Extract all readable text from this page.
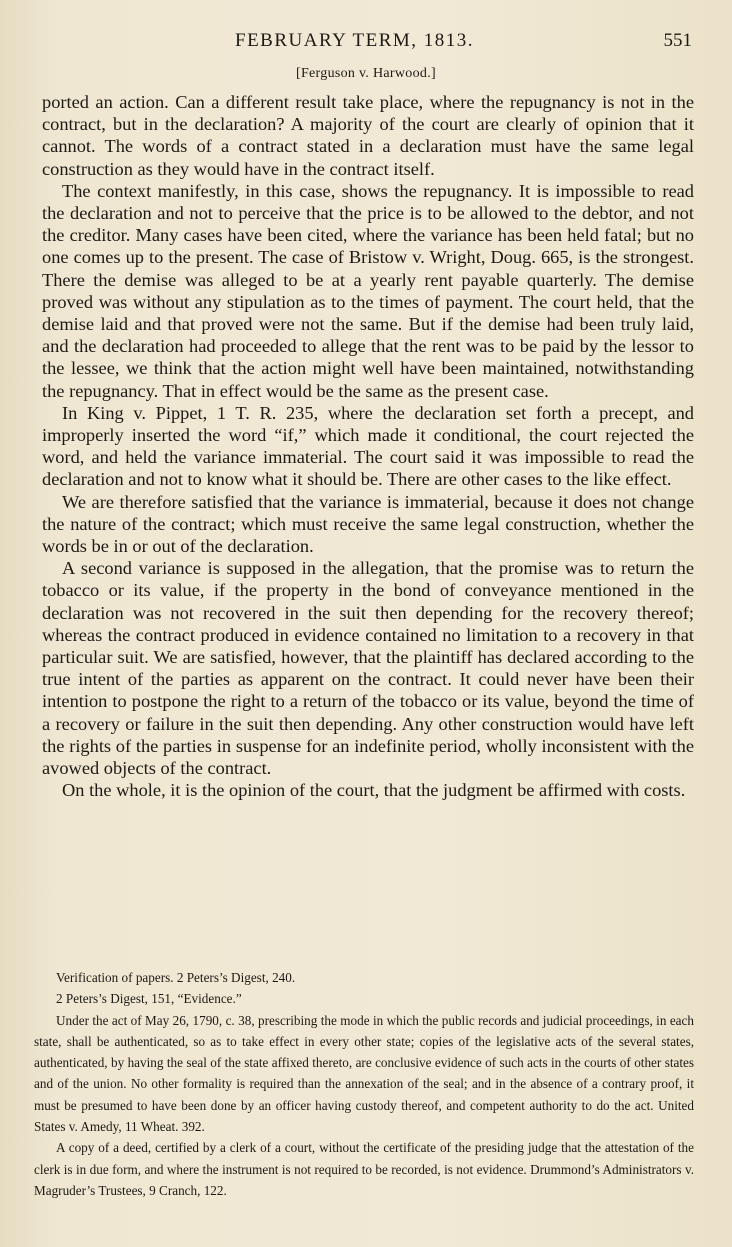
FEBRUARY TERM, 1813.	551
[Ferguson v. Harwood.]

ported an action. Can a different result take place, where the repugnancy is not in the contract, but in the declaration? A majority of the court are clearly of opinion that it cannot. The words of a contract stated in a declaration must have the same legal construction as they would have in the contract itself.

The context manifestly, in this case, shows the repugnancy. It is impossible to read the declaration and not to perceive that the price is to be allowed to the debtor, and not the creditor. Many cases have been cited, where the variance has been held fatal; but no one comes up to the present. The case of Bristow v. Wright, Doug. 665, is the strongest. There the demise was alleged to be at a yearly rent payable quarterly. The demise proved was without any stipulation as to the times of payment. The court held, that the demise laid and that proved were not the same. But if the demise had been truly laid, and the declaration had proceeded to allege that the rent was to be paid by the lessor to the lessee, we think that the action might well have been maintained, notwithstanding the repugnancy. That in effect would be the same as the present case.

In King v. Pippet, 1 T. R. 235, where the declaration set forth a precept, and improperly inserted the word “if,” which made it conditional, the court rejected the word, and held the variance immaterial. The court said it was impossible to read the declaration and not to know what it should be. There are other cases to the like effect.

We are therefore satisfied that the variance is immaterial, because it does not change the nature of the contract; which must receive the same legal construction, whether the words be in or out of the declaration.

A second variance is supposed in the allegation, that the promise was to return the tobacco or its value, if the property in the bond of conveyance mentioned in the declaration was not recovered in the suit then depending for the recovery thereof; whereas the contract produced in evidence contained no limitation to a recovery in that particular suit. We are satisfied, however, that the plaintiff has declared according to the true intent of the parties as apparent on the contract. It could never have been their intention to postpone the right to a return of the tobacco or its value, beyond the time of a recovery or failure in the suit then depending. Any other construction would have left the rights of the parties in suspense for an indefinite period, wholly inconsistent with the avowed objects of the contract.

On the whole, it is the opinion of the court, that the judgment be affirmed with costs.

Verification of papers. 2 Peters’s Digest, 240.

2 Peters’s Digest, 151, “Evidence.”

Under the act of May 26, 1790, c. 38, prescribing the mode in which the public records and judicial proceedings, in each state, shall be authenticated, so as to take effect in every other state; copies of the legislative acts of the several states, authenticated, by having the seal of the state affixed thereto, are conclusive evidence of such acts in the courts of other states and of the union. No other formality is required than the annexation of the seal; and in the absence of a contrary proof, it must be presumed to have been done by an officer having custody thereof, and competent authority to do the act. United States v. Amedy, 11 Wheat. 392.

A copy of a deed, certified by a clerk of a court, without the certificate of the presiding judge that the attestation of the clerk is in due form, and where the instrument is not required to be recorded, is not evidence. Drummond’s Administrators v. Magruder’s Trustees, 9 Cranch, 122.
